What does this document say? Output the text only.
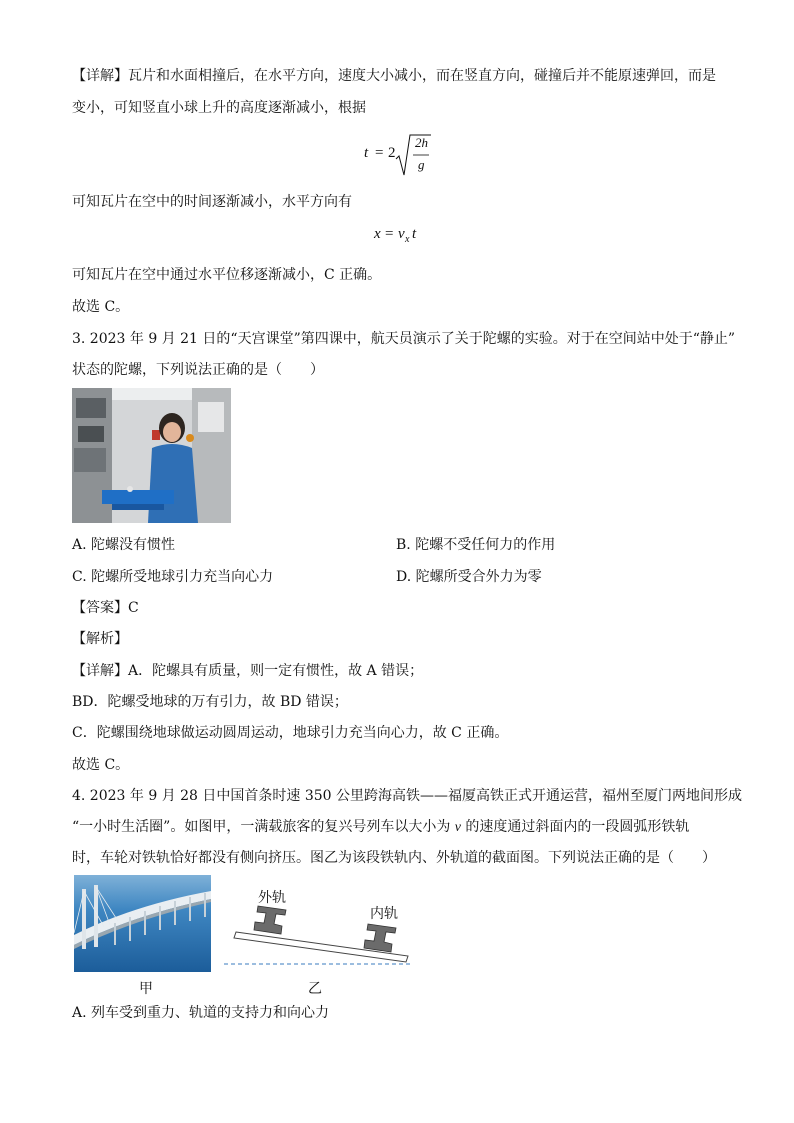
【详解】瓦片和水面相撞后，在水平方向，速度大小减小，而在竖直方向，碰撞后并不能原速弹回，而是
变小，可知竖直小球上升的高度逐渐减小，根据
t = 2
2h
g
可知瓦片在空中的时间逐渐减小，水平方向有
x = v x t
可知瓦片在空中通过水平位移逐渐减小，C 正确。
故选 C。
3. 2023 年 9 月 21 日的“天宫课堂”第四课中，航天员演示了关于陀螺的实验。对于在空间站中处于“静止”
状态的陀螺，下列说法正确的是（　　）
A. 陀螺没有惯性	B. 陀螺不受任何力的作用
C. 陀螺所受地球引力充当向心力	D. 陀螺所受合外力为零
【答案】C
【解析】
【详解】A．陀螺具有质量，则一定有惯性，故 A 错误；
BD．陀螺受地球的万有引力，故 BD 错误；
C．陀螺围绕地球做运动圆周运动，地球引力充当向心力，故 C 正确。
故选 C。
4. 2023 年 9 月 28 日中国首条时速 350 公里跨海高铁——福厦高铁正式开通运营，福州至厦门两地间形成
“一小时生活圈”。如图甲，一满载旅客的复兴号列车以大小为 v 的速度通过斜面内的一段圆弧形铁轨
时，车轮对铁轨恰好都没有侧向挤压。图乙为该段铁轨内、外轨道的截面图。下列说法正确的是（　　）
甲
外轨
内轨
乙
A. 列车受到重力、轨道的支持力和向心力
